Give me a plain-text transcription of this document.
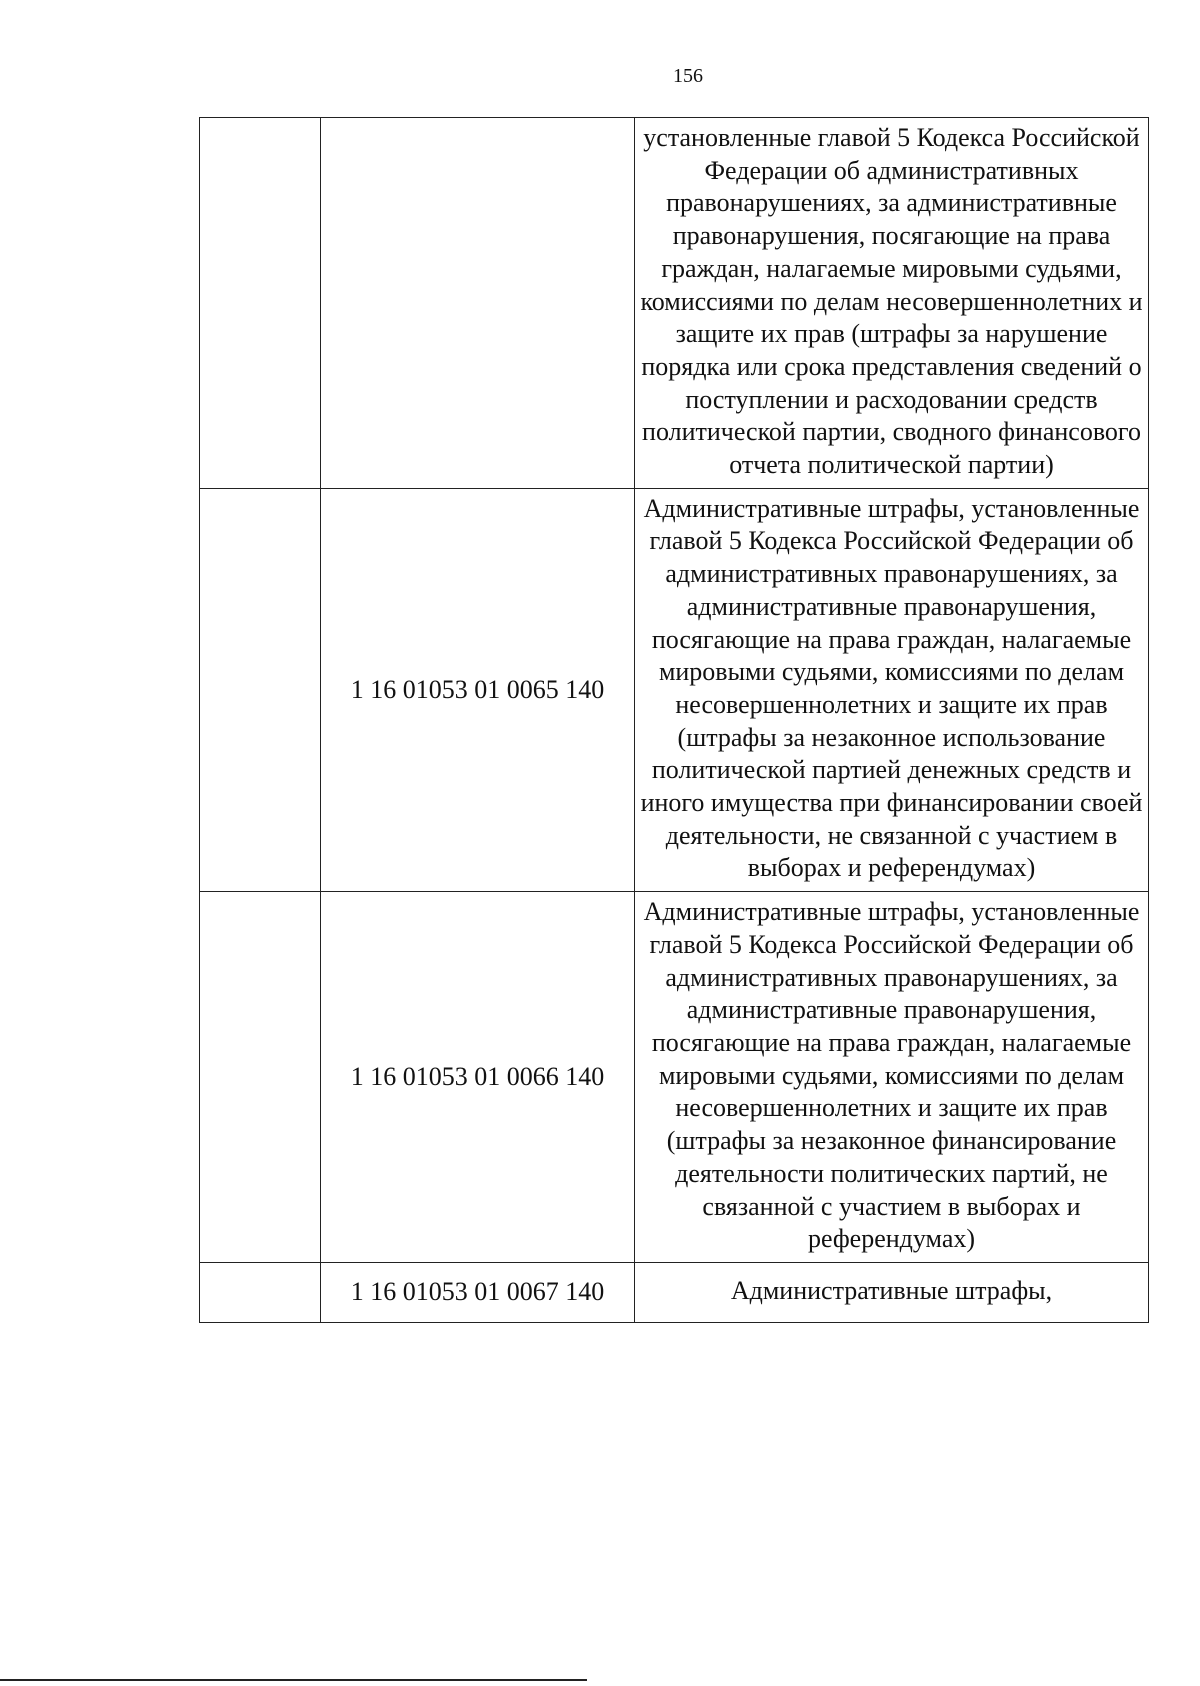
156
		установленные главой 5 Кодекса Российской Федерации об административных правонарушениях, за административные правонарушения, посягающие на права граждан, налагаемые мировыми судьями, комиссиями по делам несовершеннолетних и защите их прав (штрафы за нарушение порядка или срока представления сведений о поступлении и расходовании средств политической партии, сводного финансового отчета политической партии)
	1 16 01053 01 0065 140	Административные штрафы, установленные главой 5 Кодекса Российской Федерации об административных правонарушениях, за административные правонарушения, посягающие на права граждан, налагаемые мировыми судьями, комиссиями по делам несовершеннолетних и защите их прав (штрафы за незаконное использование политической партией денежных средств и иного имущества при финансировании своей деятельности, не связанной с участием в выборах и референдумах)
	1 16 01053 01 0066 140	Административные штрафы, установленные главой 5 Кодекса Российской Федерации об административных правонарушениях, за административные правонарушения, посягающие на права граждан, налагаемые мировыми судьями, комиссиями по делам несовершеннолетних и защите их прав (штрафы за незаконное финансирование деятельности политических партий, не связанной с участием в выборах и референдумах)
	1 16 01053 01 0067 140	Административные штрафы,
